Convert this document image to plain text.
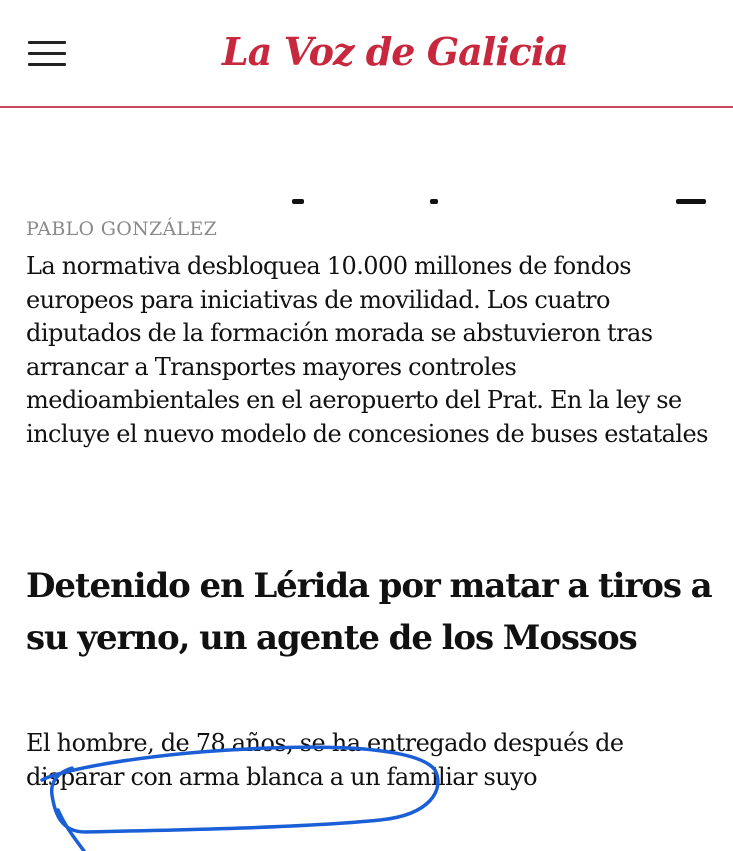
La Voz de Galicia
PABLO GONZÁLEZ

La normativa desbloquea 10.000 millones de fondos europeos para iniciativas de movilidad. Los cuatro diputados de la formación morada se abstuvieron tras arrancar a Transportes mayores controles medioambientales en el aeropuerto del Prat. En la ley se incluye el nuevo modelo de concesiones de buses estatales

Detenido en Lérida por matar a tiros a su yerno, un agente de los Mossos

El hombre, de 78 años, se ha entregado después de disparar con arma blanca a un familiar suyo
